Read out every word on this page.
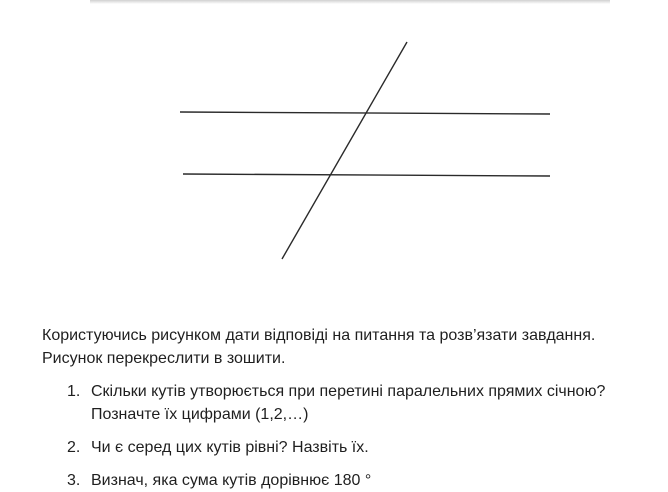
Користуючись рисунком дати відповіді на питання та розв’язати завдання. Рисунок перекреслити в зошити.

1. Скільки кутів утворюється при перетині паралельних прямих січною? Позначте їх цифрами (1,2,…)
2. Чи є серед цих кутів рівні? Назвіть їх.
3. Визнач, яка сума кутів дорівнює 180 °
